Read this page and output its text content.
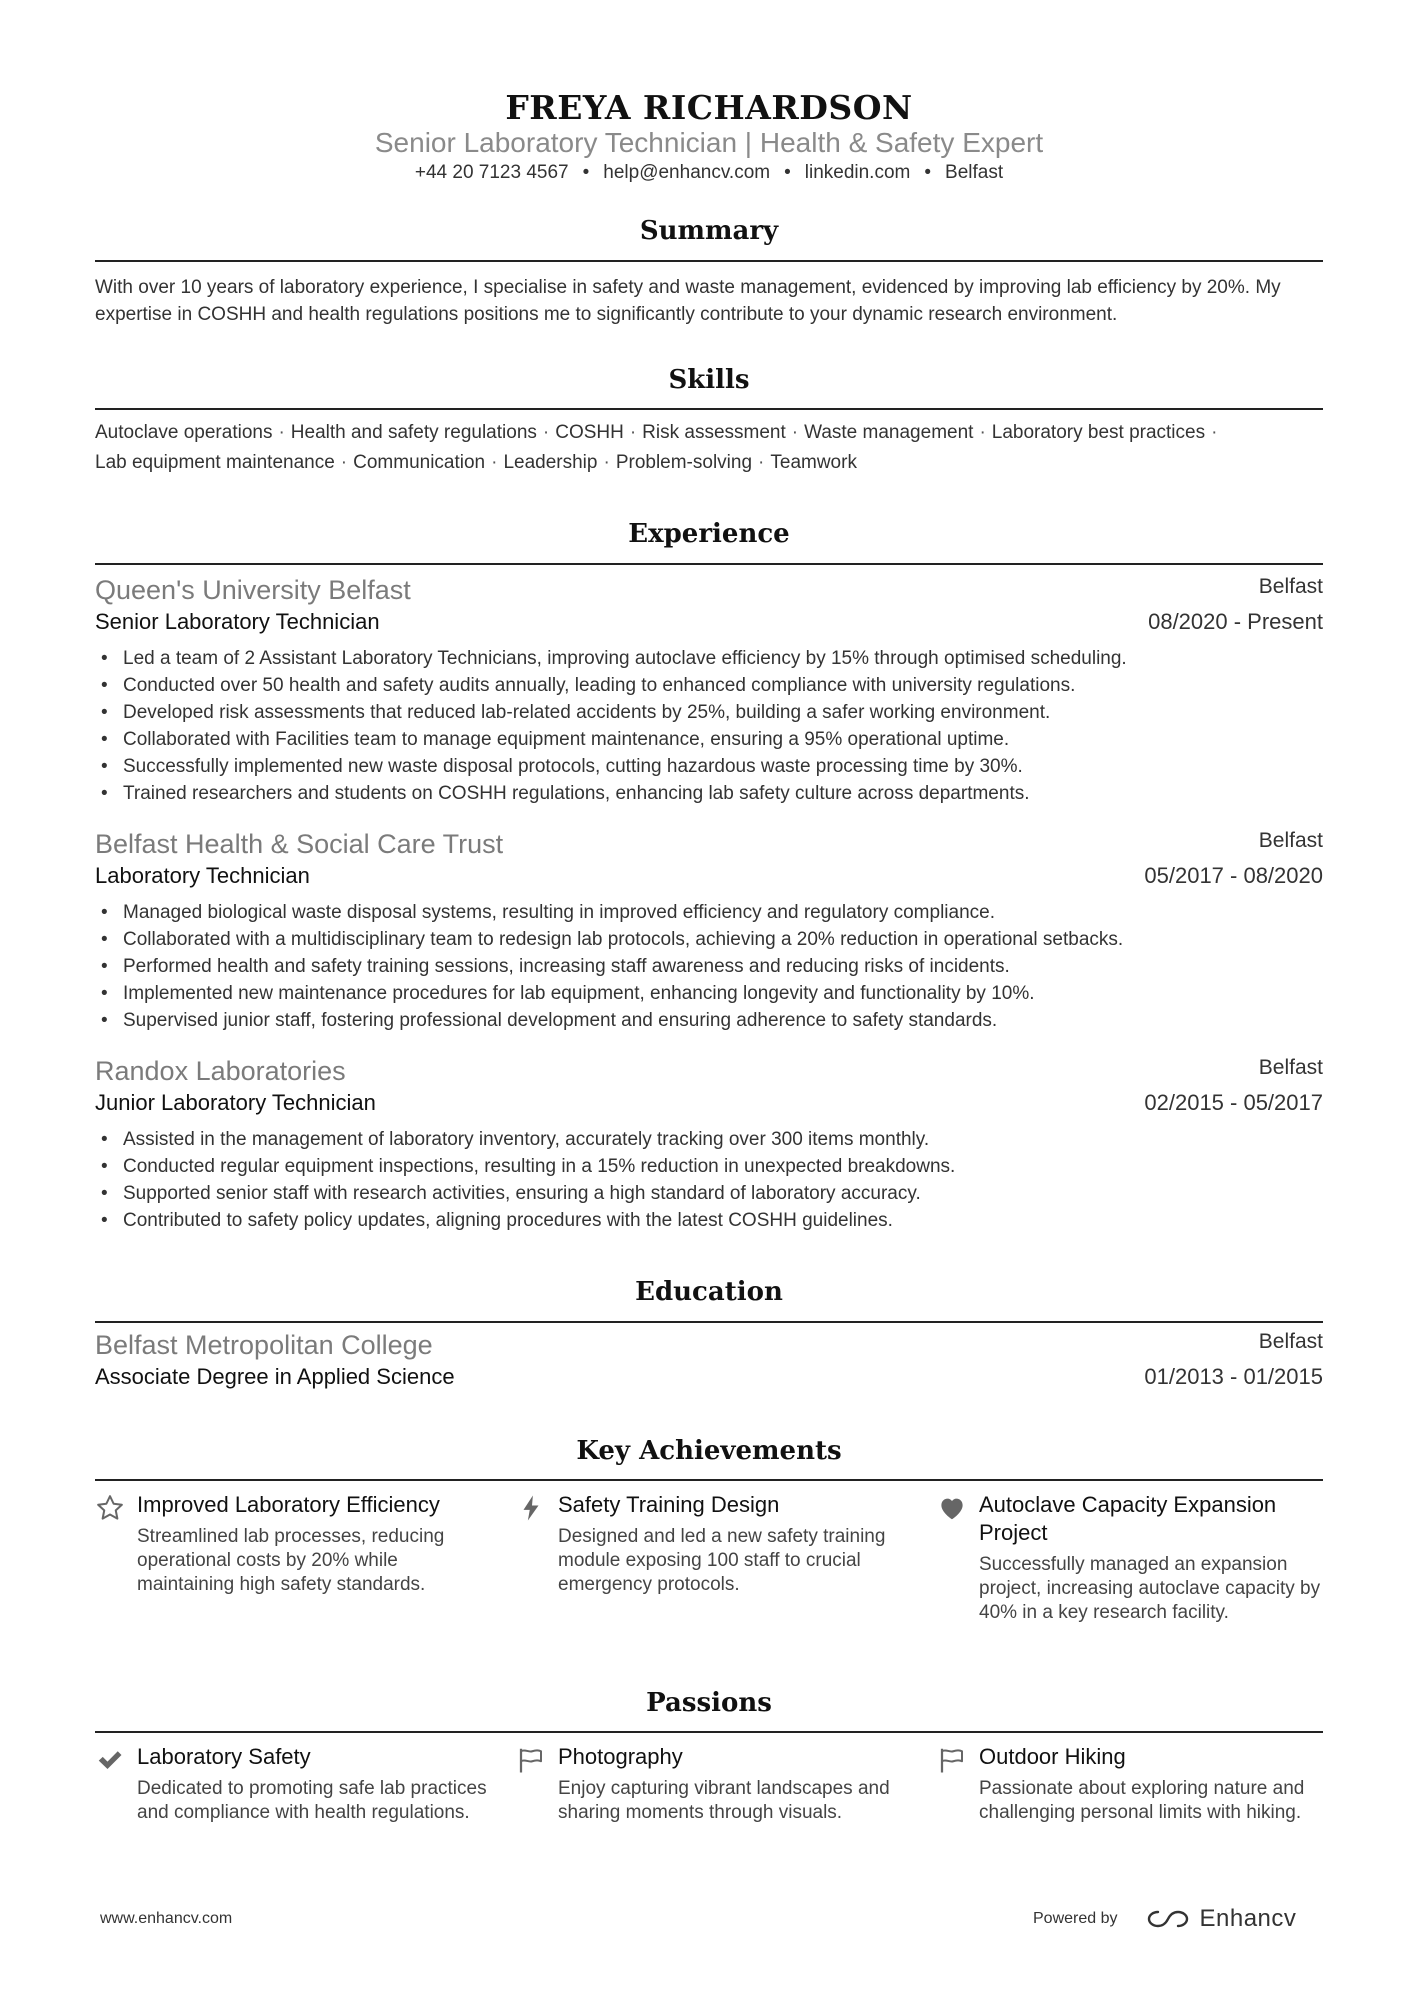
FREYA RICHARDSON
Senior Laboratory Technician | Health & Safety Expert
+44 20 7123 4567 • help@enhancv.com • linkedin.com • Belfast
Summary
With over 10 years of laboratory experience, I specialise in safety and waste management, evidenced by improving lab efficiency by 20%. My expertise in COSHH and health regulations positions me to significantly contribute to your dynamic research environment.
Skills
Autoclave operations · Health and safety regulations · COSHH · Risk assessment · Waste management · Laboratory best practices ·
Lab equipment maintenance · Communication · Leadership · Problem-solving · Teamwork
Experience
Queen's University Belfast	Belfast
Senior Laboratory Technician	08/2020 - Present
• Led a team of 2 Assistant Laboratory Technicians, improving autoclave efficiency by 15% through optimised scheduling.
• Conducted over 50 health and safety audits annually, leading to enhanced compliance with university regulations.
• Developed risk assessments that reduced lab-related accidents by 25%, building a safer working environment.
• Collaborated with Facilities team to manage equipment maintenance, ensuring a 95% operational uptime.
• Successfully implemented new waste disposal protocols, cutting hazardous waste processing time by 30%.
• Trained researchers and students on COSHH regulations, enhancing lab safety culture across departments.
Belfast Health & Social Care Trust	Belfast
Laboratory Technician	05/2017 - 08/2020
• Managed biological waste disposal systems, resulting in improved efficiency and regulatory compliance.
• Collaborated with a multidisciplinary team to redesign lab protocols, achieving a 20% reduction in operational setbacks.
• Performed health and safety training sessions, increasing staff awareness and reducing risks of incidents.
• Implemented new maintenance procedures for lab equipment, enhancing longevity and functionality by 10%.
• Supervised junior staff, fostering professional development and ensuring adherence to safety standards.
Randox Laboratories	Belfast
Junior Laboratory Technician	02/2015 - 05/2017
• Assisted in the management of laboratory inventory, accurately tracking over 300 items monthly.
• Conducted regular equipment inspections, resulting in a 15% reduction in unexpected breakdowns.
• Supported senior staff with research activities, ensuring a high standard of laboratory accuracy.
• Contributed to safety policy updates, aligning procedures with the latest COSHH guidelines.
Education
Belfast Metropolitan College	Belfast
Associate Degree in Applied Science	01/2013 - 01/2015
Key Achievements
Improved Laboratory Efficiency
Streamlined lab processes, reducing operational costs by 20% while maintaining high safety standards.
Safety Training Design
Designed and led a new safety training module exposing 100 staff to crucial emergency protocols.
Autoclave Capacity Expansion Project
Successfully managed an expansion project, increasing autoclave capacity by 40% in a key research facility.
Passions
Laboratory Safety
Dedicated to promoting safe lab practices and compliance with health regulations.
Photography
Enjoy capturing vibrant landscapes and sharing moments through visuals.
Outdoor Hiking
Passionate about exploring nature and challenging personal limits with hiking.
www.enhancv.com	Powered by	Enhancv
